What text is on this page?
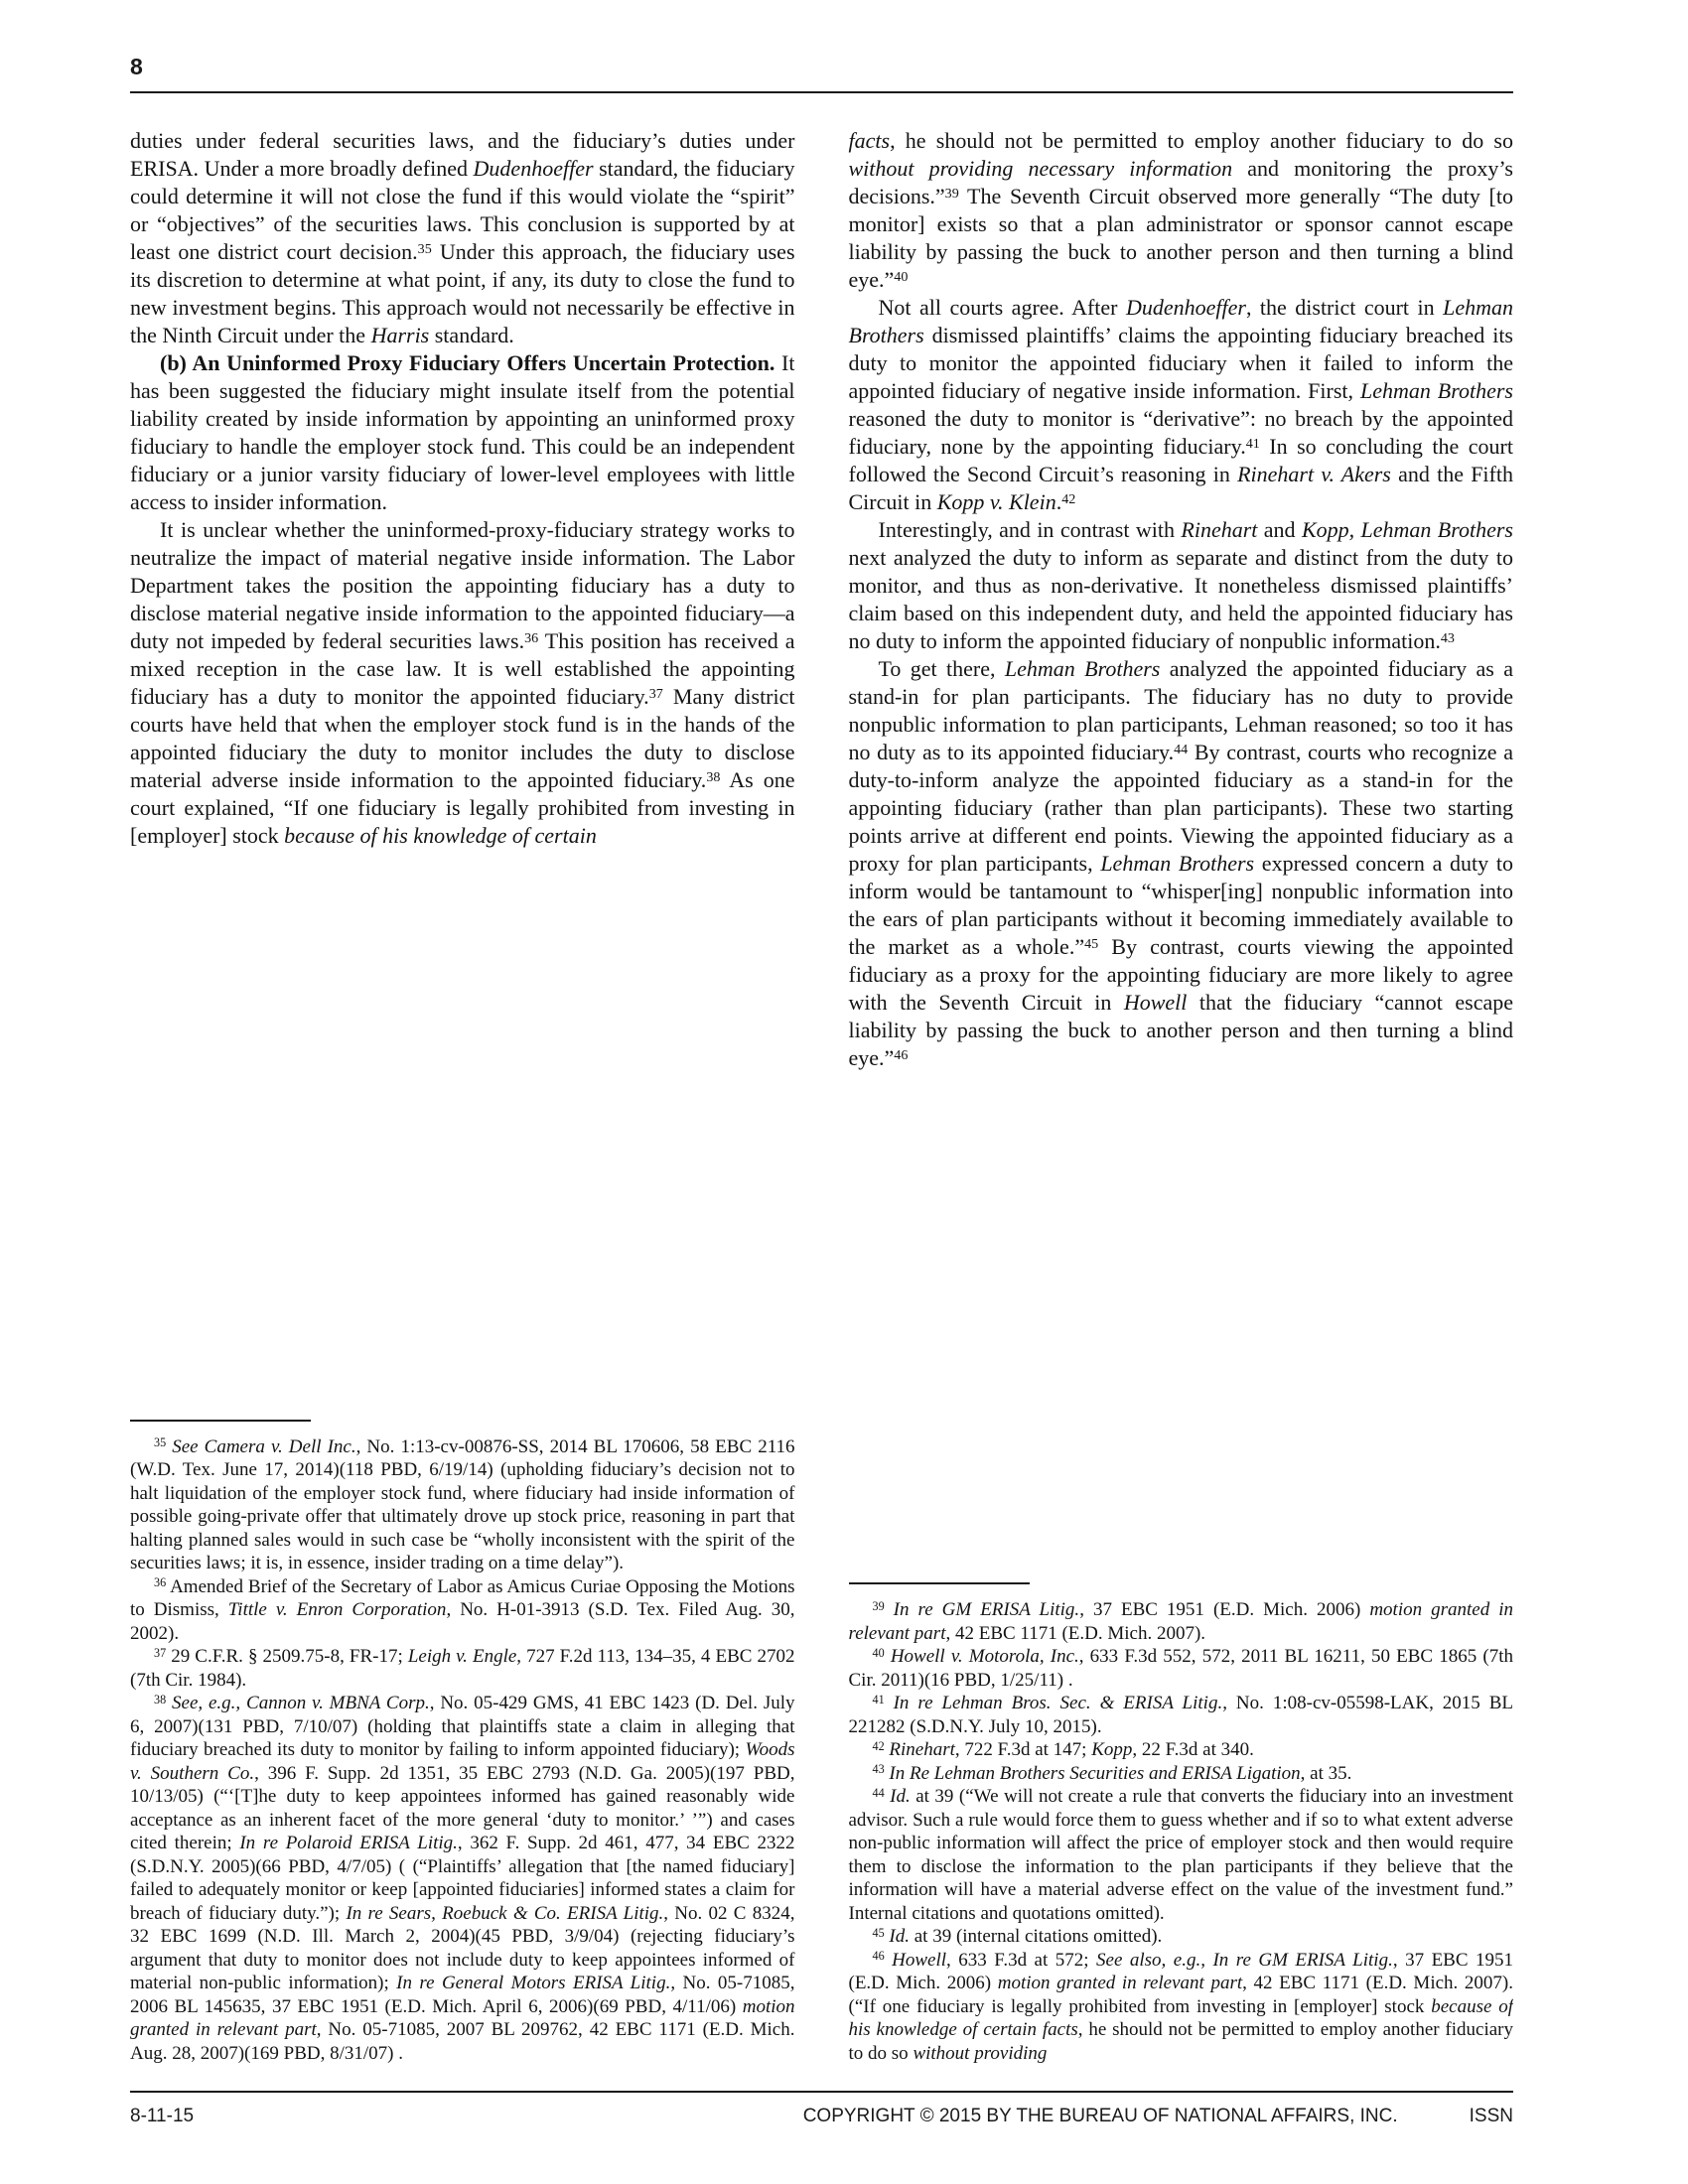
8

duties under federal securities laws, and the fiduciary’s duties under ERISA. Under a more broadly defined Dudenhoeffer standard, the fiduciary could determine it will not close the fund if this would violate the “spirit” or “objectives” of the securities laws. This conclusion is supported by at least one district court decision.$^{35}$ Under this approach, the fiduciary uses its discretion to determine at what point, if any, its duty to close the fund to new investment begins. This approach would not necessarily be effective in the Ninth Circuit under the Harris standard.

(b) An Uninformed Proxy Fiduciary Offers Uncertain Protection. It has been suggested the fiduciary might insulate itself from the potential liability created by inside information by appointing an uninformed proxy fiduciary to handle the employer stock fund. This could be an independent fiduciary or a junior varsity fiduciary of lower-level employees with little access to insider information.

It is unclear whether the uninformed-proxy-fiduciary strategy works to neutralize the impact of material negative inside information. The Labor Department takes the position the appointing fiduciary has a duty to disclose material negative inside information to the appointed fiduciary—a duty not impeded by federal securities laws.$^{36}$ This position has received a mixed reception in the case law. It is well established the appointing fiduciary has a duty to monitor the appointed fiduciary.$^{37}$ Many district courts have held that when the employer stock fund is in the hands of the appointed fiduciary the duty to monitor includes the duty to disclose material adverse inside information to the appointed fiduciary.$^{38}$ As one court explained, “If one fiduciary is legally prohibited from investing in [employer] stock because of his knowledge of certain

$^{35}$ See Camera v. Dell Inc., No. 1:13-cv-00876-SS, 2014 BL 170606, 58 EBC 2116 (W.D. Tex. June 17, 2014)(118 PBD, 6/19/14) (upholding fiduciary’s decision not to halt liquidation of the employer stock fund, where fiduciary had inside information of possible going-private offer that ultimately drove up stock price, reasoning in part that halting planned sales would in such case be “wholly inconsistent with the spirit of the securities laws; it is, in essence, insider trading on a time delay”).

$^{36}$ Amended Brief of the Secretary of Labor as Amicus Curiae Opposing the Motions to Dismiss, Tittle v. Enron Corporation, No. H-01-3913 (S.D. Tex. Filed Aug. 30, 2002).

$^{37}$ 29 C.F.R. § 2509.75-8, FR-17; Leigh v. Engle, 727 F.2d 113, 134–35, 4 EBC 2702 (7th Cir. 1984).

$^{38}$ See, e.g., Cannon v. MBNA Corp., No. 05-429 GMS, 41 EBC 1423 (D. Del. July 6, 2007)(131 PBD, 7/10/07) (holding that plaintiffs state a claim in alleging that fiduciary breached its duty to monitor by failing to inform appointed fiduciary); Woods v. Southern Co., 396 F. Supp. 2d 1351, 35 EBC 2793 (N.D. Ga. 2005)(197 PBD, 10/13/05) (“‘[T]he duty to keep appointees informed has gained reasonably wide acceptance as an inherent facet of the more general ‘duty to monitor.’ ’”) and cases cited therein; In re Polaroid ERISA Litig., 362 F. Supp. 2d 461, 477, 34 EBC 2322 (S.D.N.Y. 2005)(66 PBD, 4/7/05) ( (“Plaintiffs’ allegation that [the named fiduciary] failed to adequately monitor or keep [appointed fiduciaries] informed states a claim for breach of fiduciary duty.”); In re Sears, Roebuck & Co. ERISA Litig., No. 02 C 8324, 32 EBC 1699 (N.D. Ill. March 2, 2004)(45 PBD, 3/9/04) (rejecting fiduciary’s argument that duty to monitor does not include duty to keep appointees informed of material non-public information); In re General Motors ERISA Litig., No. 05-71085, 2006 BL 145635, 37 EBC 1951 (E.D. Mich. April 6, 2006)(69 PBD, 4/11/06) motion granted in relevant part, No. 05-71085, 2007 BL 209762, 42 EBC 1171 (E.D. Mich. Aug. 28, 2007)(169 PBD, 8/31/07) .

facts, he should not be permitted to employ another fiduciary to do so without providing necessary information and monitoring the proxy’s decisions.”$^{39}$ The Seventh Circuit observed more generally “The duty [to monitor] exists so that a plan administrator or sponsor cannot escape liability by passing the buck to another person and then turning a blind eye.”$^{40}$

Not all courts agree. After Dudenhoeffer, the district court in Lehman Brothers dismissed plaintiffs’ claims the appointing fiduciary breached its duty to monitor the appointed fiduciary when it failed to inform the appointed fiduciary of negative inside information. First, Lehman Brothers reasoned the duty to monitor is “derivative”: no breach by the appointed fiduciary, none by the appointing fiduciary.$^{41}$ In so concluding the court followed the Second Circuit’s reasoning in Rinehart v. Akers and the Fifth Circuit in Kopp v. Klein.$^{42}$

Interestingly, and in contrast with Rinehart and Kopp, Lehman Brothers next analyzed the duty to inform as separate and distinct from the duty to monitor, and thus as non-derivative. It nonetheless dismissed plaintiffs’ claim based on this independent duty, and held the appointed fiduciary has no duty to inform the appointed fiduciary of nonpublic information.$^{43}$

To get there, Lehman Brothers analyzed the appointed fiduciary as a stand-in for plan participants. The fiduciary has no duty to provide nonpublic information to plan participants, Lehman reasoned; so too it has no duty as to its appointed fiduciary.$^{44}$ By contrast, courts who recognize a duty-to-inform analyze the appointed fiduciary as a stand-in for the appointing fiduciary (rather than plan participants). These two starting points arrive at different end points. Viewing the appointed fiduciary as a proxy for plan participants, Lehman Brothers expressed concern a duty to inform would be tantamount to “whisper[ing] nonpublic information into the ears of plan participants without it becoming immediately available to the market as a whole.”$^{45}$ By contrast, courts viewing the appointed fiduciary as a proxy for the appointing fiduciary are more likely to agree with the Seventh Circuit in Howell that the fiduciary “cannot escape liability by passing the buck to another person and then turning a blind eye.”$^{46}$

$^{39}$ In re GM ERISA Litig., 37 EBC 1951 (E.D. Mich. 2006) motion granted in relevant part, 42 EBC 1171 (E.D. Mich. 2007).

$^{40}$ Howell v. Motorola, Inc., 633 F.3d 552, 572, 2011 BL 16211, 50 EBC 1865 (7th Cir. 2011)(16 PBD, 1/25/11) .

$^{41}$ In re Lehman Bros. Sec. & ERISA Litig., No. 1:08-cv-05598-LAK, 2015 BL 221282 (S.D.N.Y. July 10, 2015).

$^{42}$ Rinehart, 722 F.3d at 147; Kopp, 22 F.3d at 340.

$^{43}$ In Re Lehman Brothers Securities and ERISA Ligation, at 35.

$^{44}$ Id. at 39 (“We will not create a rule that converts the fiduciary into an investment advisor. Such a rule would force them to guess whether and if so to what extent adverse non-public information will affect the price of employer stock and then would require them to disclose the information to the plan participants if they believe that the information will have a material adverse effect on the value of the investment fund.” Internal citations and quotations omitted).

$^{45}$ Id. at 39 (internal citations omitted).

$^{46}$ Howell, 633 F.3d at 572; See also, e.g., In re GM ERISA Litig., 37 EBC 1951 (E.D. Mich. 2006) motion granted in relevant part, 42 EBC 1171 (E.D. Mich. 2007). (“If one fiduciary is legally prohibited from investing in [employer] stock because of his knowledge of certain facts, he should not be permitted to employ another fiduciary to do so without providing

8-11-15	COPYRIGHT © 2015 BY THE BUREAU OF NATIONAL AFFAIRS, INC.	ISSN
